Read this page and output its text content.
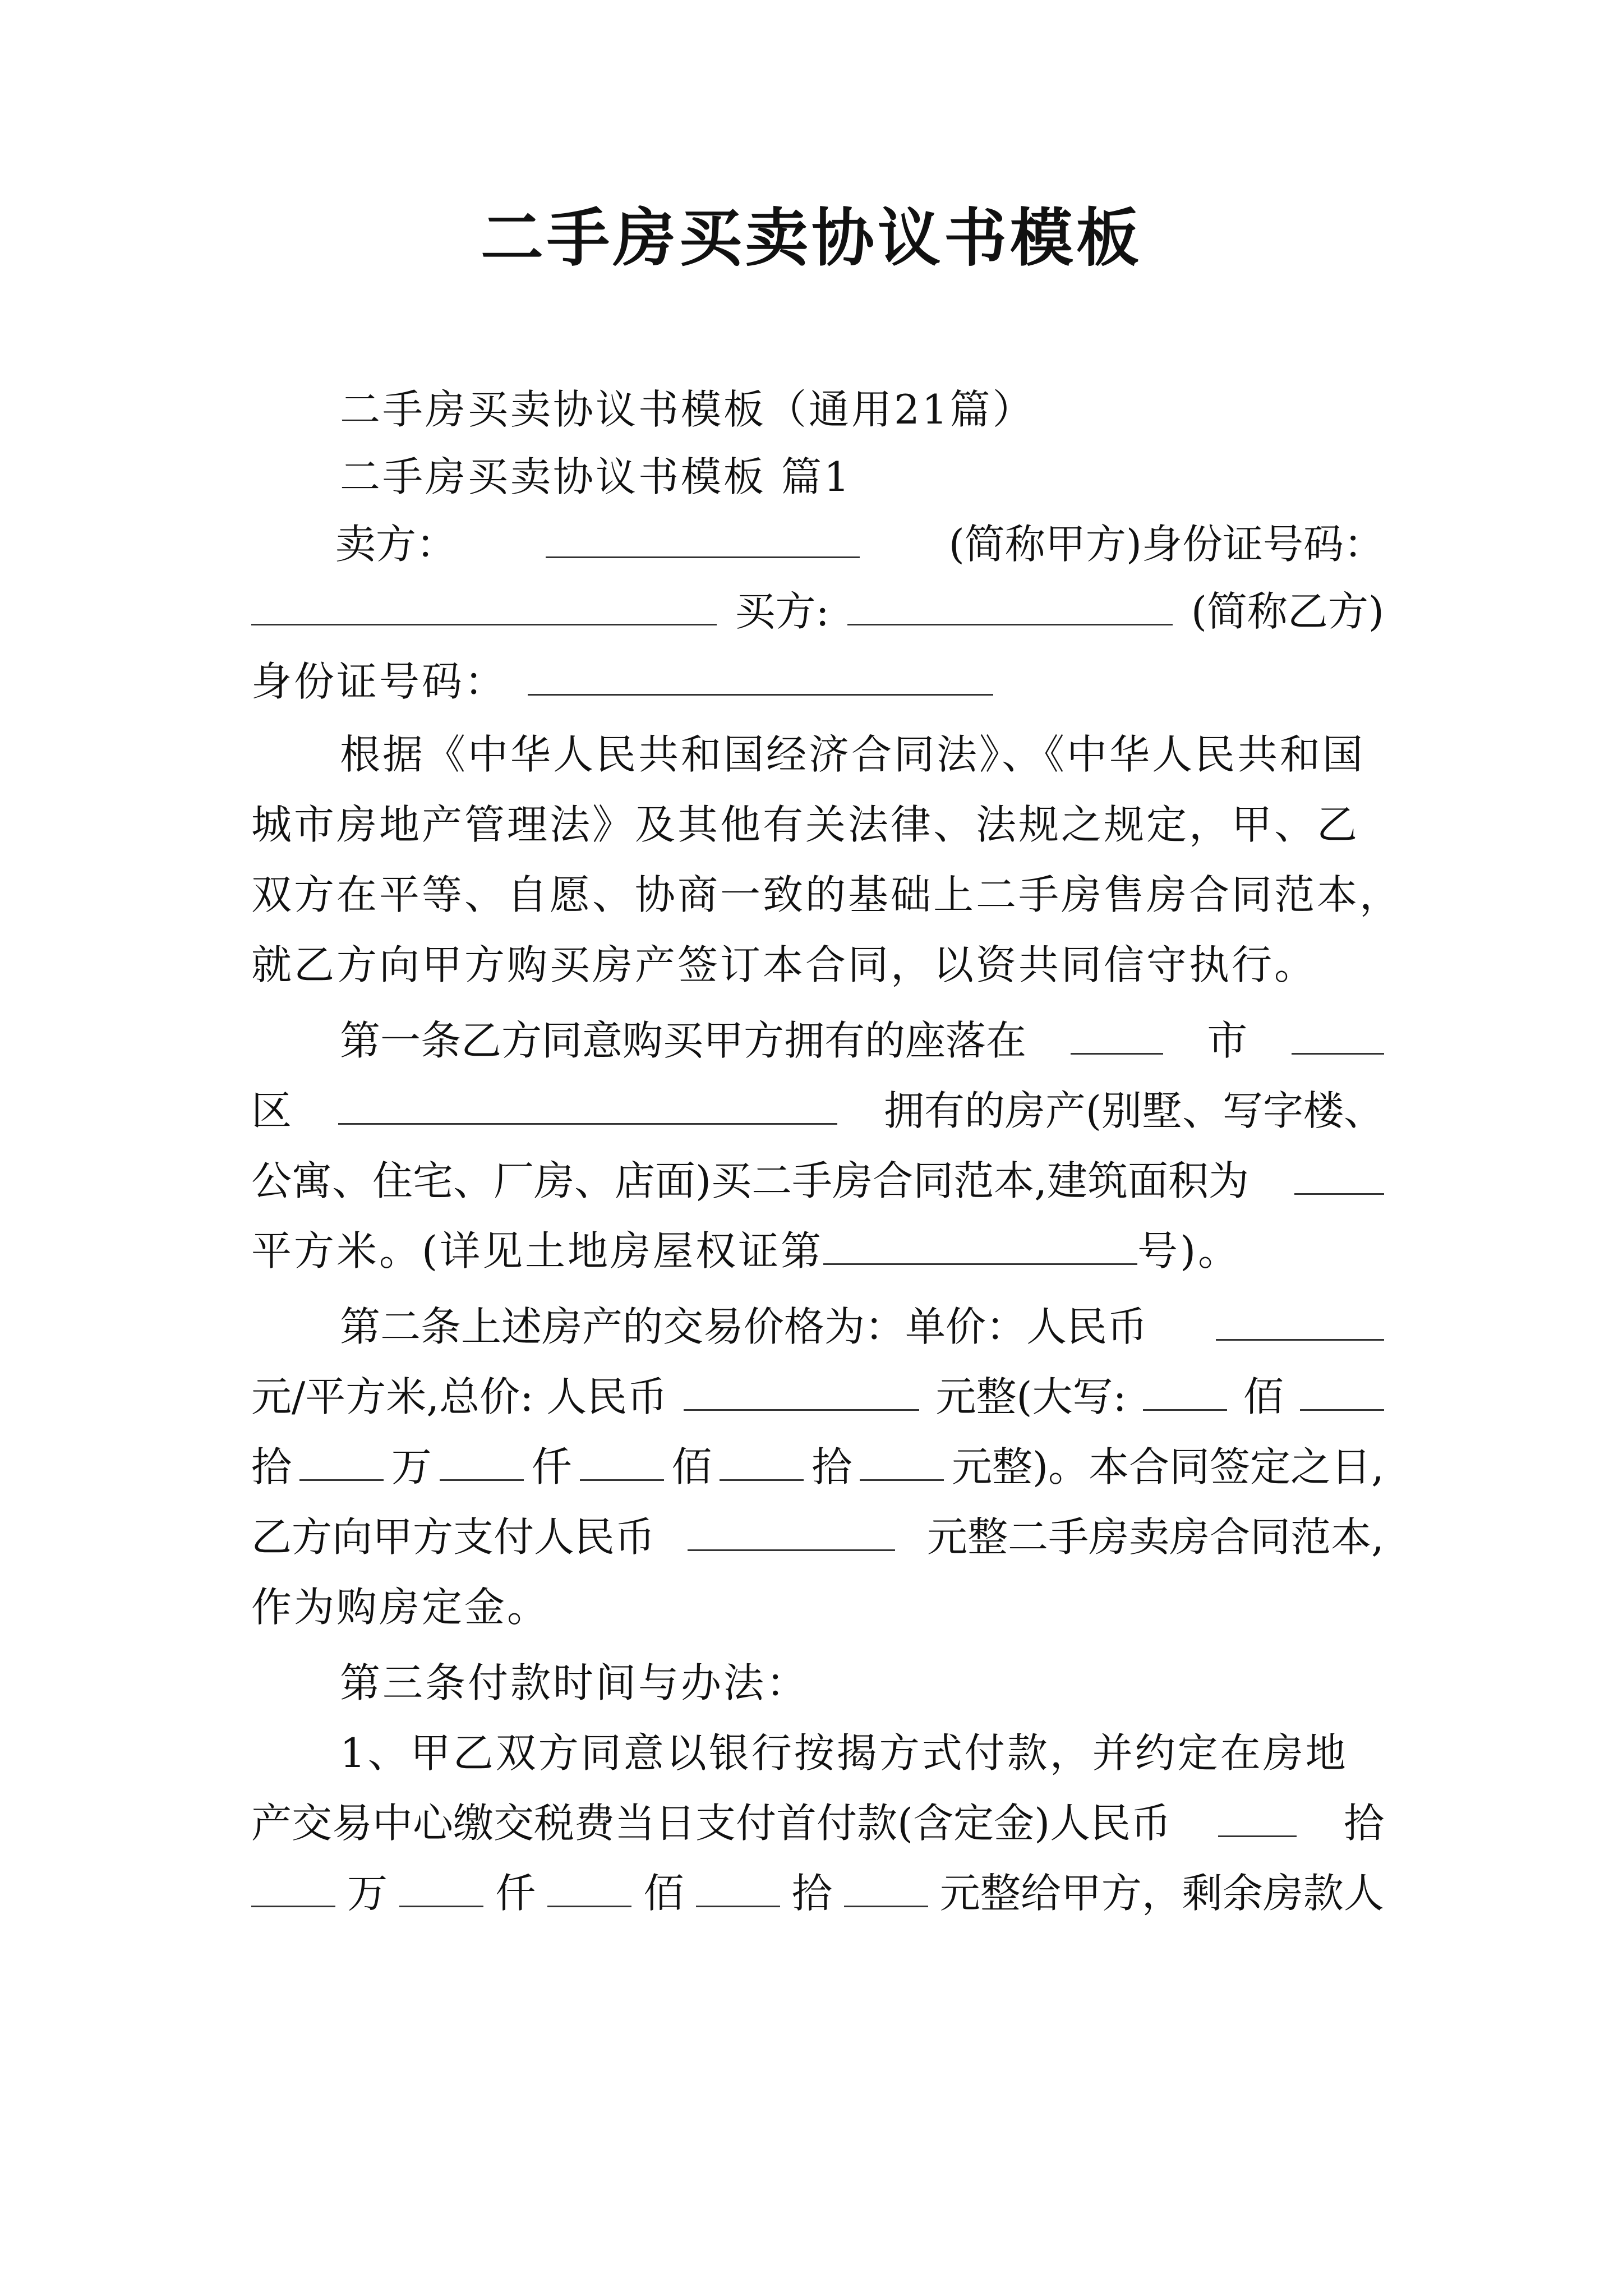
二手房买卖协议书模板
二手房买卖协议书模板（通用21篇）
二手房买卖协议书模板 篇1
卖方：	(简称甲方)身份证号码：
买方:	(简称乙方)
身份证号码：
根据《中华人民共和国经济合同法》、《中华人民共和国
城市房地产管理法》及其他有关法律、法规之规定，甲、乙
双方在平等、自愿、协商一致的基础上二手房售房合同范本，
就乙方向甲方购买房产签订本合同，以资共同信守执行。
第一条乙方同意购买甲方拥有的座落在	市
区	拥有的房产(别墅、写字楼、
公寓、住宅、厂房、店面)买二手房合同范本,建筑面积为
平方米。(详见土地房屋权证第	号)。
第二条上述房产的交易价格为：单价：人民币
元/平方米,总价: 人民币	元整(大写:	佰
拾 万 仟 佰 拾 元整)。本合同签定之日,
乙方向甲方支付人民币	元整二手房卖房合同范本,
作为购房定金。
第三条付款时间与办法：
1、甲乙双方同意以银行按揭方式付款，并约定在房地
产交易中心缴交税费当日支付首付款(含定金)人民币	拾
万	仟	佰	拾	元整给甲方，剩余房款人
